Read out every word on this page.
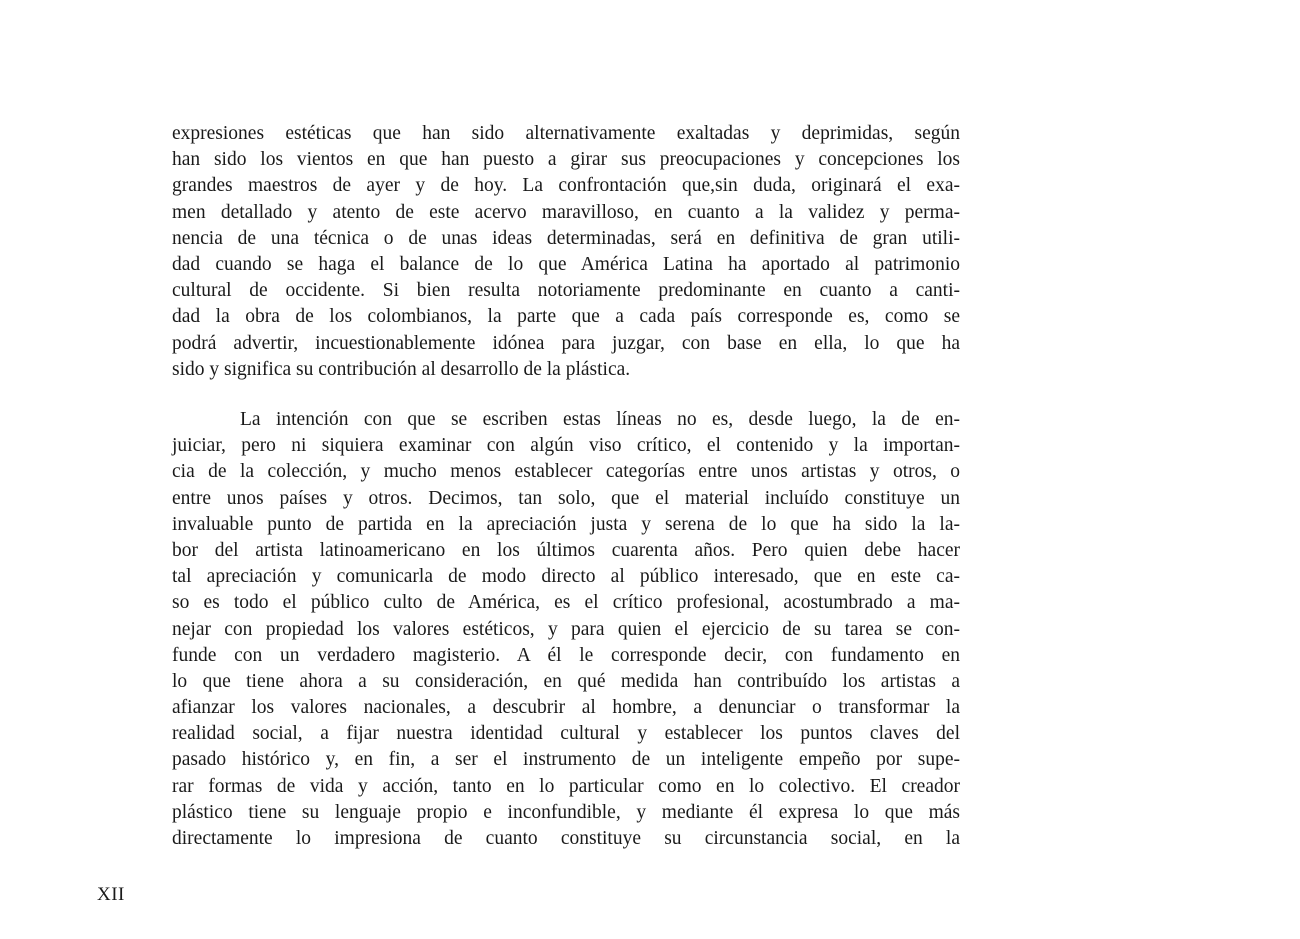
expresiones estéticas que han sido alternativamente exaltadas y deprimidas, según
han sido los vientos en que han puesto a girar sus preocupaciones y concepciones los
grandes maestros de ayer y de hoy. La confrontación que,sin duda, originará el exa-
men detallado y atento de este acervo maravilloso, en cuanto a la validez y perma-
nencia de una técnica o de unas ideas determinadas, será en definitiva de gran utili-
dad cuando se haga el balance de lo que América Latina ha aportado al patrimonio
cultural de occidente. Si bien resulta notoriamente predominante en cuanto a canti-
dad la obra de los colombianos, la parte que a cada país corresponde es, como se
podrá advertir, incuestionablemente idónea para juzgar, con base en ella, lo que ha
sido y significa su contribución al desarrollo de la plástica.
La intención con que se escriben estas líneas no es, desde luego, la de en-
juiciar, pero ni siquiera examinar con algún viso crítico, el contenido y la importan-
cia de la colección, y mucho menos establecer categorías entre unos artistas y otros, o
entre unos países y otros. Decimos, tan solo, que el material incluído constituye un
invaluable punto de partida en la apreciación justa y serena de lo que ha sido la la-
bor del artista latinoamericano en los últimos cuarenta años. Pero quien debe hacer
tal apreciación y comunicarla de modo directo al público interesado, que en este ca-
so es todo el público culto de América, es el crítico profesional, acostumbrado a ma-
nejar con propiedad los valores estéticos, y para quien el ejercicio de su tarea se con-
funde con un verdadero magisterio. A él le corresponde decir, con fundamento en
lo que tiene ahora a su consideración, en qué medida han contribuído los artistas a
afianzar los valores nacionales, a descubrir al hombre, a denunciar o transformar la
realidad social, a fijar nuestra identidad cultural y establecer los puntos claves del
pasado histórico y, en fin, a ser el instrumento de un inteligente empeño por supe-
rar formas de vida y acción, tanto en lo particular como en lo colectivo. El creador
plástico tiene su lenguaje propio e inconfundible, y mediante él expresa lo que más
directamente lo impresiona de cuanto constituye su circunstancia social, en la
XII
